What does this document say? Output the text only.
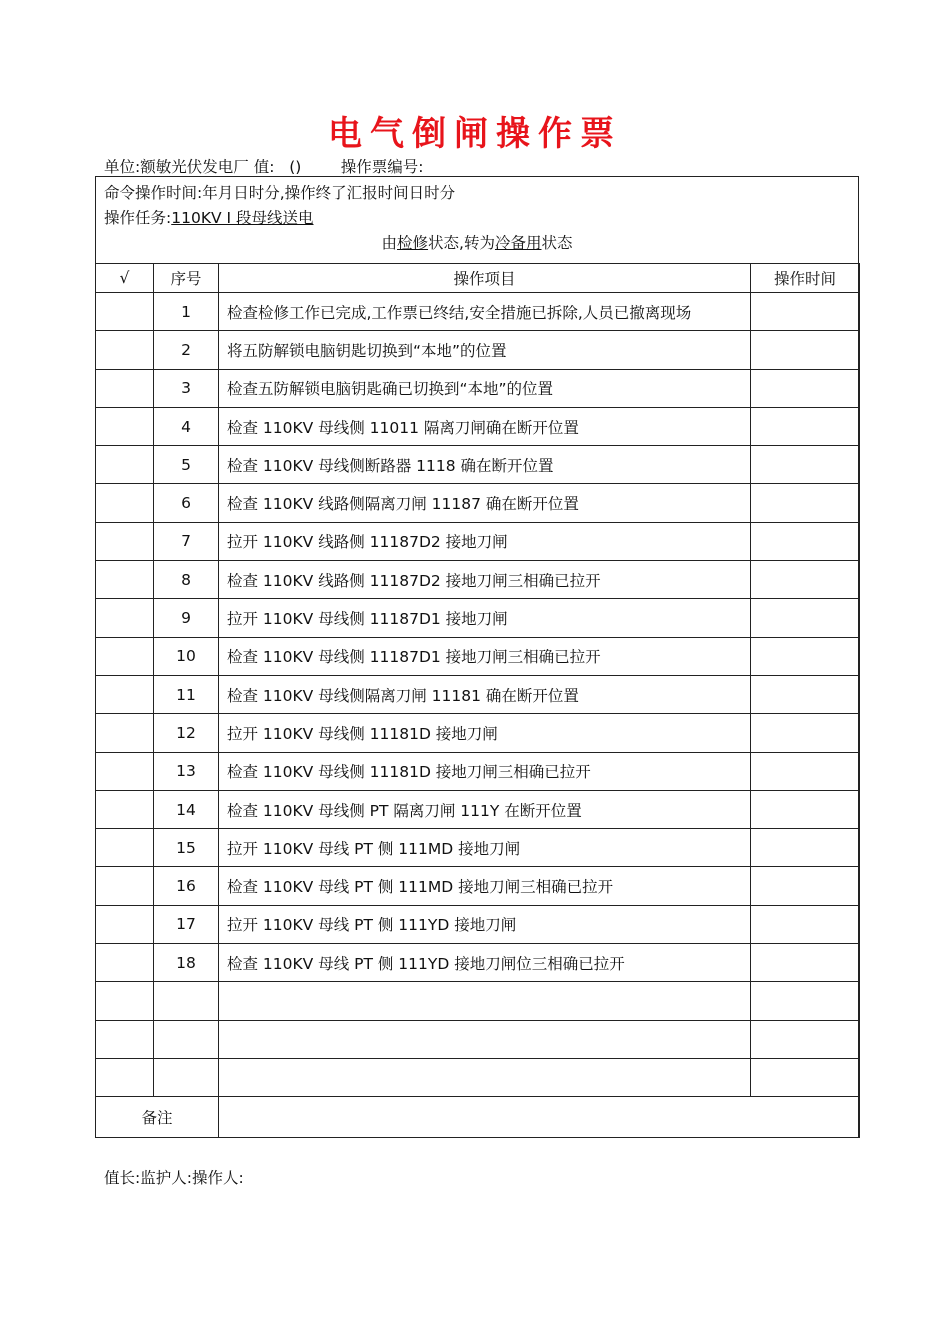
电气倒闸操作票
单位:额敏光伏发电厂 值: ()	操作票编号:
命令操作时间:年月日时分,操作终了汇报时间日时分
操作任务:110KV I 段母线送电
由检修状态,转为冷备用状态
√	序号	操作项目	操作时间
	1	检查检修工作已完成,工作票已终结,安全措施已拆除,人员已撤离现场	
	2	将五防解锁电脑钥匙切换到“本地”的位置	
	3	检查五防解锁电脑钥匙确已切换到“本地”的位置	
	4	检查 110KV 母线侧 11011 隔离刀闸确在断开位置	
	5	检查 110KV 母线侧断路器 1118 确在断开位置	
	6	检查 110KV 线路侧隔离刀闸 11187 确在断开位置	
	7	拉开 110KV 线路侧 11187D2 接地刀闸	
	8	检查 110KV 线路侧 11187D2 接地刀闸三相确已拉开	
	9	拉开 110KV 母线侧 11187D1 接地刀闸	
	10	检查 110KV 母线侧 11187D1 接地刀闸三相确已拉开	
	11	检查 110KV 母线侧隔离刀闸 11181 确在断开位置	
	12	拉开 110KV 母线侧 11181D 接地刀闸	
	13	检查 110KV 母线侧 11181D 接地刀闸三相确已拉开	
	14	检查 110KV 母线侧 PT 隔离刀闸 111Y 在断开位置	
	15	拉开 110KV 母线 PT 侧 111MD 接地刀闸	
	16	检查 110KV 母线 PT 侧 111MD 接地刀闸三相确已拉开	
	17	拉开 110KV 母线 PT 侧 111YD 接地刀闸	
	18	检查 110KV 母线 PT 侧 111YD 接地刀闸位三相确已拉开	

备注			
值长:监护人:操作人:
